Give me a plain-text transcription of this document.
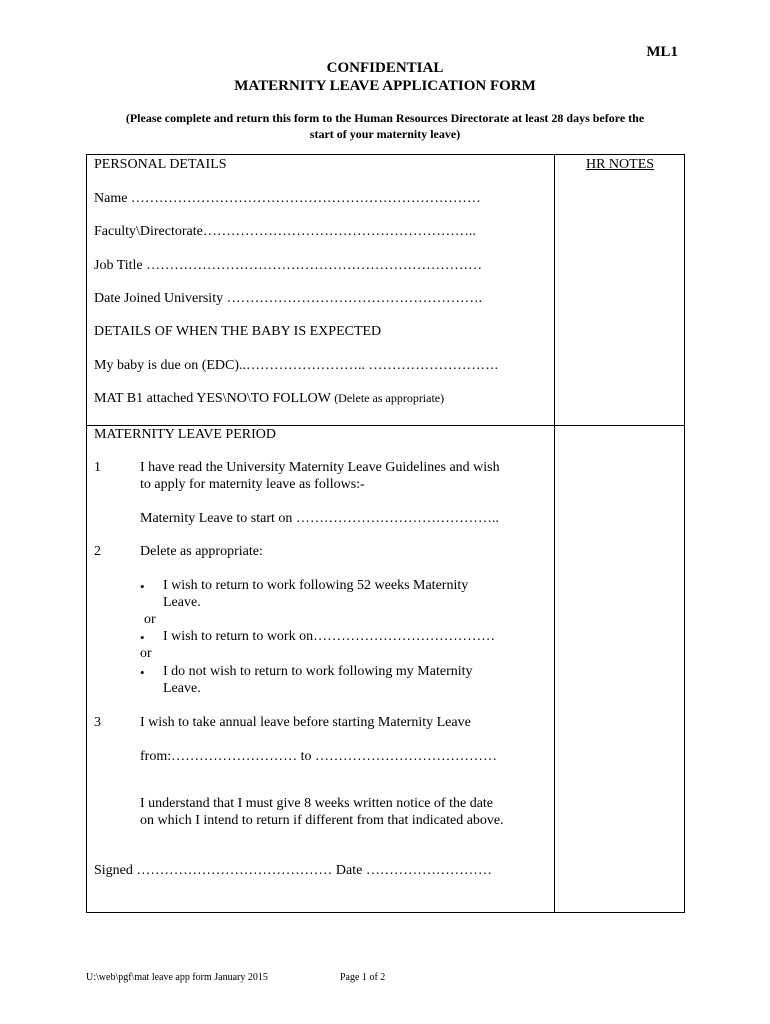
ML1
CONFIDENTIAL
MATERNITY LEAVE APPLICATION FORM
(Please complete and return this form to the Human Resources Directorate at least 28 days before the
start of your maternity leave)
PERSONAL DETAILS	HR NOTES
Name …………………………………………………………………
Faculty\Directorate…………………………………………………..
Job Title ………………………………………………………………
Date Joined University ……………………………………………….
DETAILS OF WHEN THE BABY IS EXPECTED
My baby is due on (EDC)..…………………….. ……………………….
MAT B1 attached YES\NO\TO FOLLOW (Delete as appropriate)
MATERNITY LEAVE PERIOD
1	I have read the University Maternity Leave Guidelines and wish
to apply for maternity leave as follows:-
Maternity Leave to start on ……………………………………..
2	Delete as appropriate:
• I wish to return to work following 52 weeks Maternity
Leave.
or
• I wish to return to work on…………………………………
or
• I do not wish to return to work following my Maternity
Leave.
3	I wish to take annual leave before starting Maternity Leave
from:……………………… to …………………………………
I understand that I must give 8 weeks written notice of the date
on which I intend to return if different from that indicated above.
Signed …………………………………… Date ………………………
U:\web\pgf\mat leave app form January 2015	Page 1 of 2
